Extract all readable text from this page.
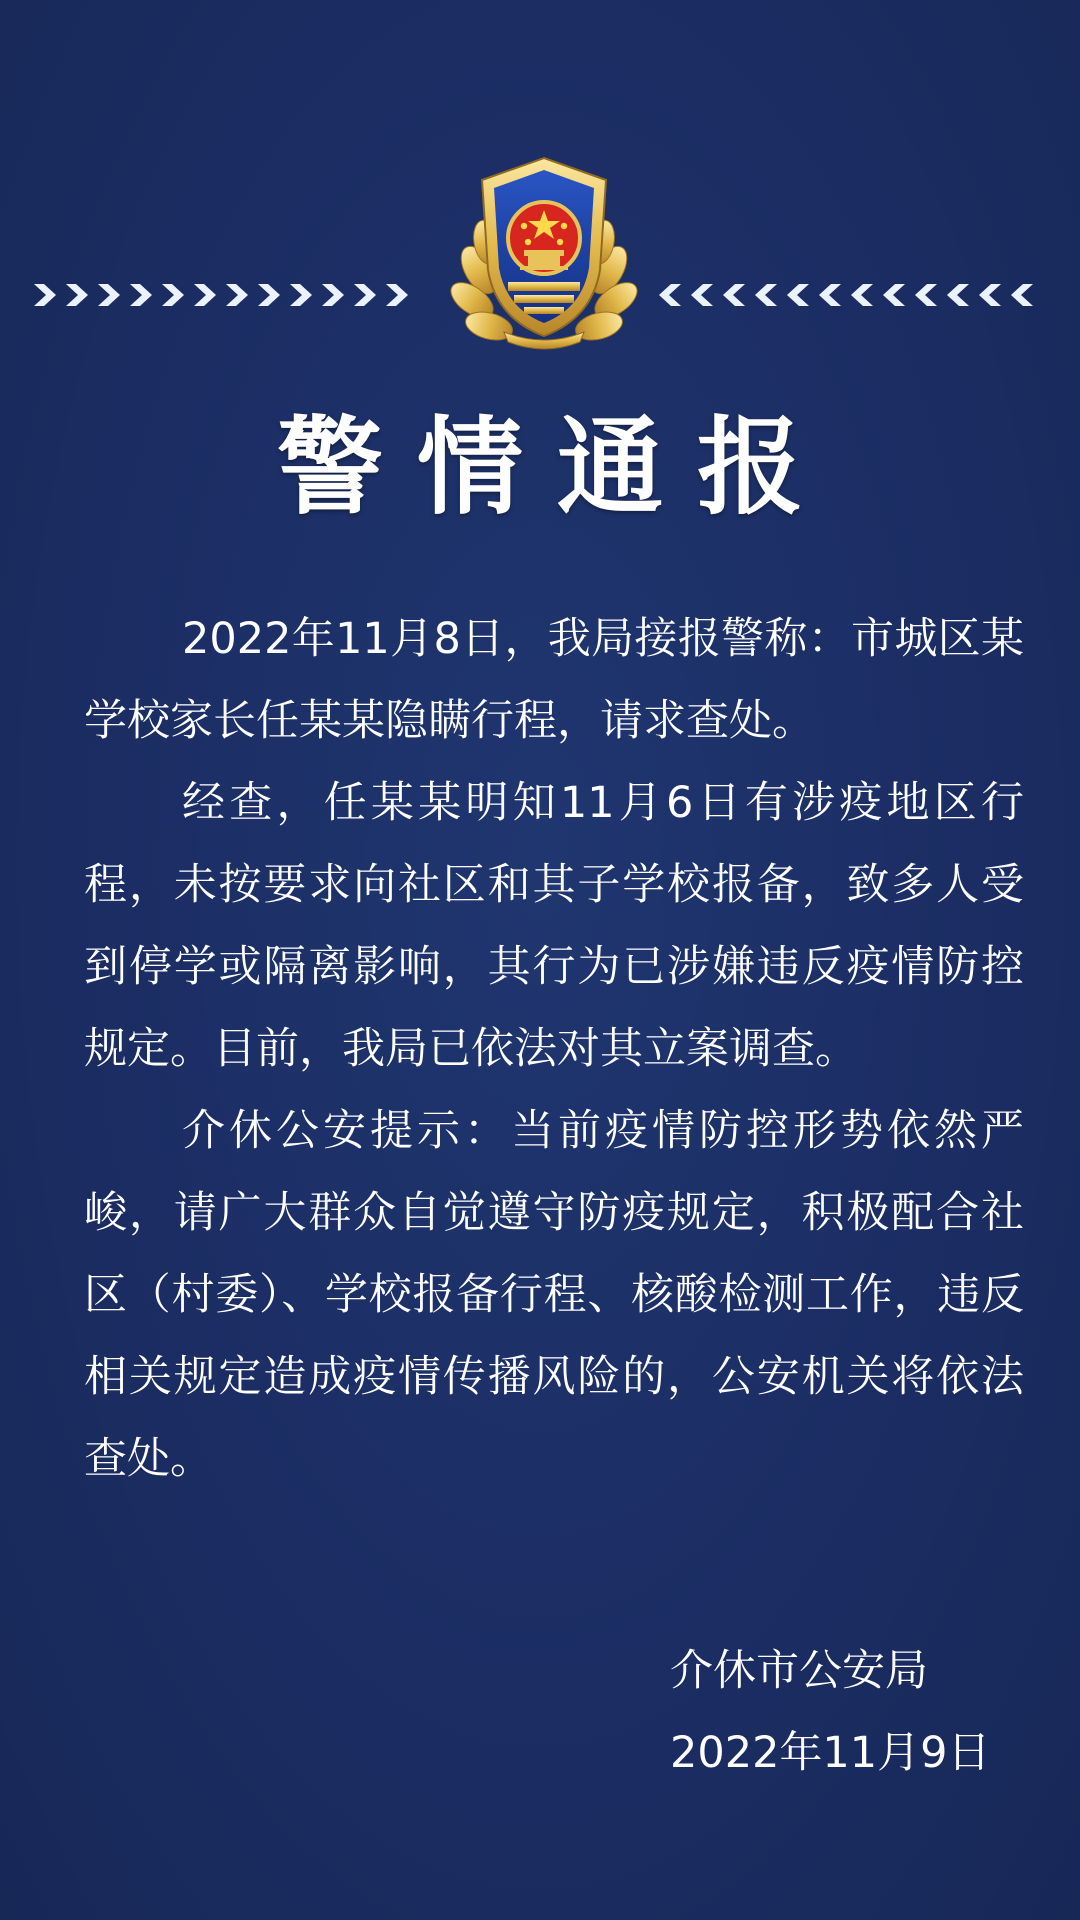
警情通报

2022年11月8日，我局接报警称：市城区某学校家长任某某隐瞒行程，请求查处。

经查，任某某明知11月6日有涉疫地区行程，未按要求向社区和其子学校报备，致多人受到停学或隔离影响，其行为已涉嫌违反疫情防控规定。目前，我局已依法对其立案调查。

介休公安提示：当前疫情防控形势依然严峻，请广大群众自觉遵守防疫规定，积极配合社区（村委）、学校报备行程、核酸检测工作，违反相关规定造成疫情传播风险的，公安机关将依法查处。

介休市公安局
2022年11月9日
